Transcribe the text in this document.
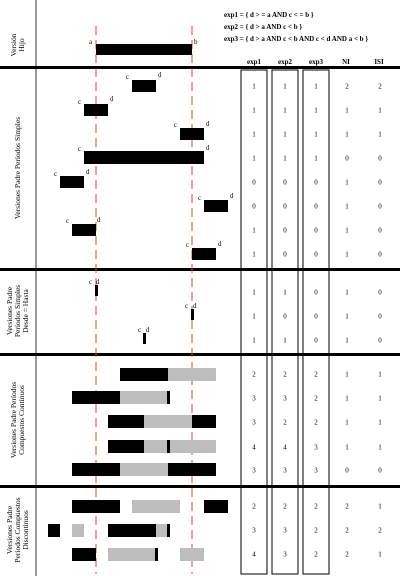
a	b
c	d
c	d
c	d
c	d
c	d
c	d
c	d
c	d
c d
c d
c d
1	1	1	2	2
1	1	1	1	1
1	1	1	1	1
1	1	1	0	0
0	0	0	1	0
0	0	0	1	0
1	0	0	1	0
1	0	0	1	0
1	1	0	1	0
1	0	0	1	0
1	1	0	1	0
2	2	2	1	1
3	3	2	1	1
3	2	2	1	1
4	4	3	1	1
3	3	3	0	0
2	2	2	2	1
3	3	2	2	2
4	3	2	2	1
exp1 = { d > = a AND c < = b }
exp2 = { d > a AND c < b }
exp3 = { d > a AND c < b AND c < d AND a < b }
exp1	exp2	exp3	NI	ISI
Versión Hijo
Versiones Padre Períodos Simples
Versiones Padre Períodos Simples Desde = Hasta
Versiones Padre Períodos Compuestos Contínuos
Versiones Padre Períodos Compuestos Discontinuos
